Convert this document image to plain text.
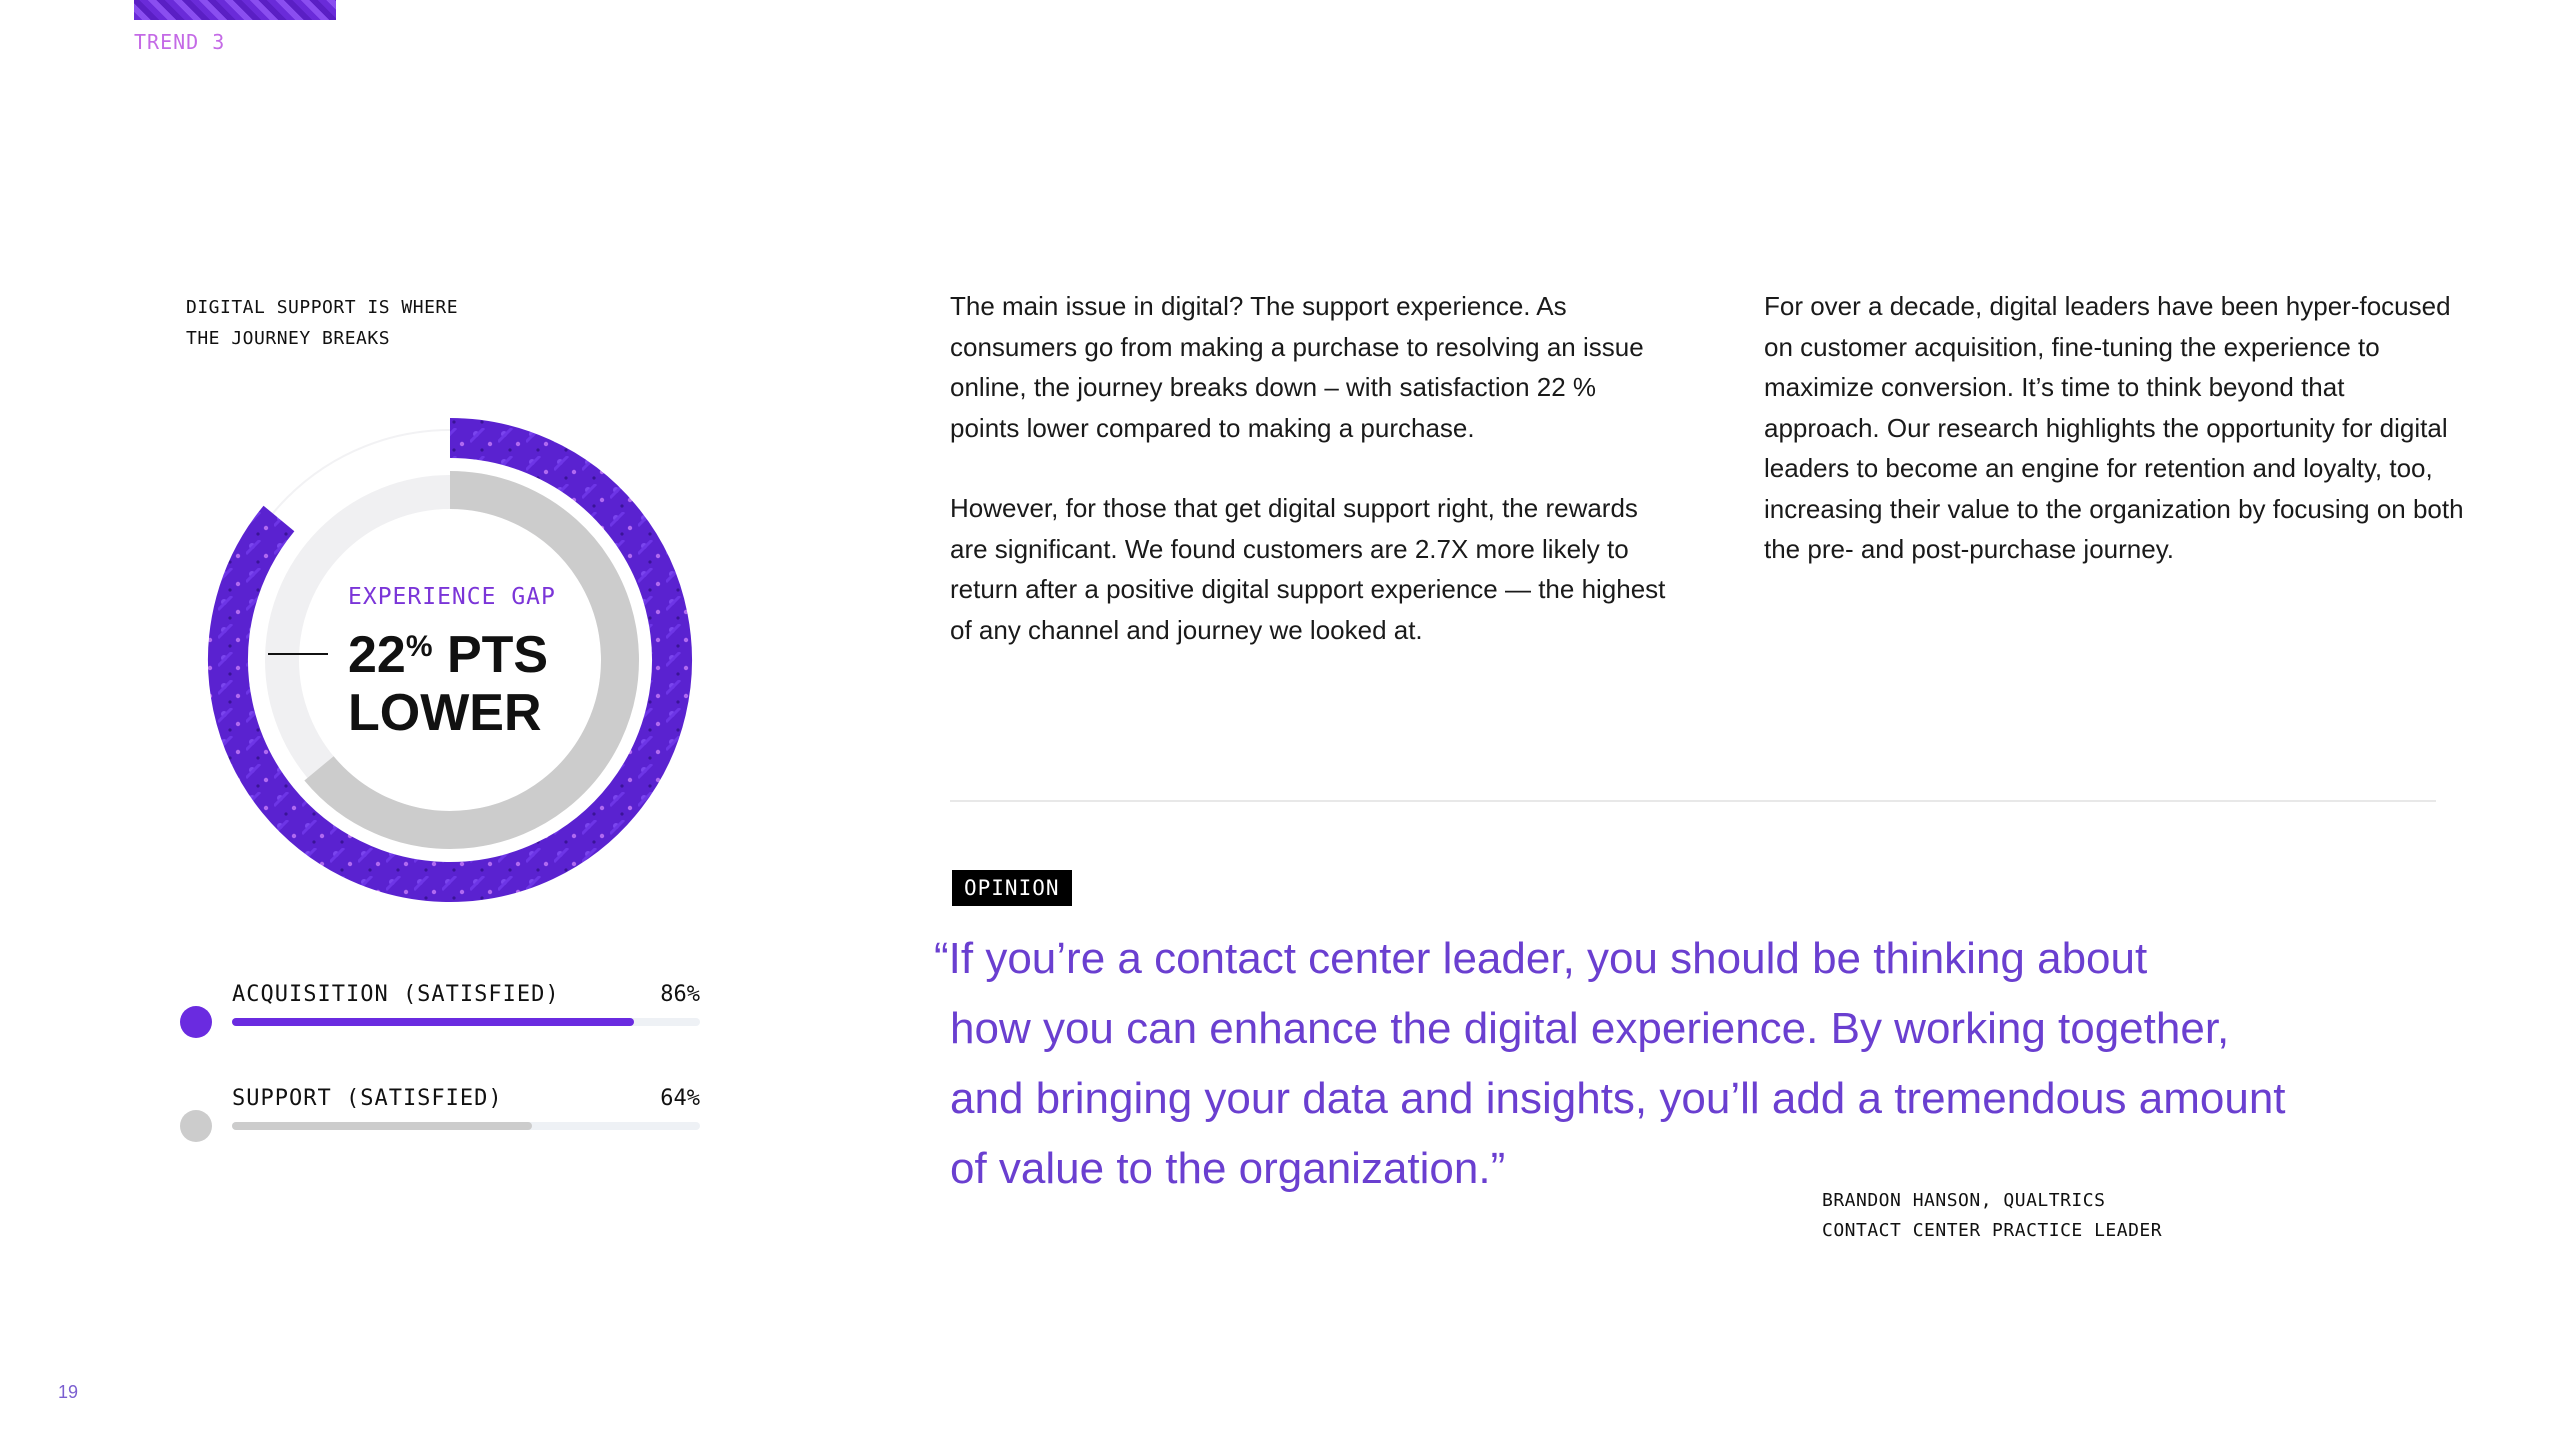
TREND 3
DIGITAL SUPPORT IS WHERE
THE JOURNEY BREAKS
EXPERIENCE GAP
22% PTS
LOWER
ACQUISITION (SATISFIED)	86%
SUPPORT (SATISFIED)	64%

The main issue in digital? The support experience. As consumers go from making a purchase to resolving an issue online, the journey breaks down – with satisfaction 22 % points lower compared to making a purchase.

However, for those that get digital support right, the rewards are significant. We found customers are 2.7X more likely to return after a positive digital support experience — the highest of any channel and journey we looked at.

For over a decade, digital leaders have been hyper-focused on customer acquisition, fine-tuning the experience to maximize conversion. It’s time to think beyond that approach. Our research highlights the opportunity for digital leaders to become an engine for retention and loyalty, too, increasing their value to the organization by focusing on both the pre- and post-purchase journey.

OPINION
“If you’re a contact center leader, you should be thinking about
how you can enhance the digital experience. By working together,
and bringing your data and insights, you’ll add a tremendous amount
of value to the organization.”
BRANDON HANSON, QUALTRICS
CONTACT CENTER PRACTICE LEADER
19
